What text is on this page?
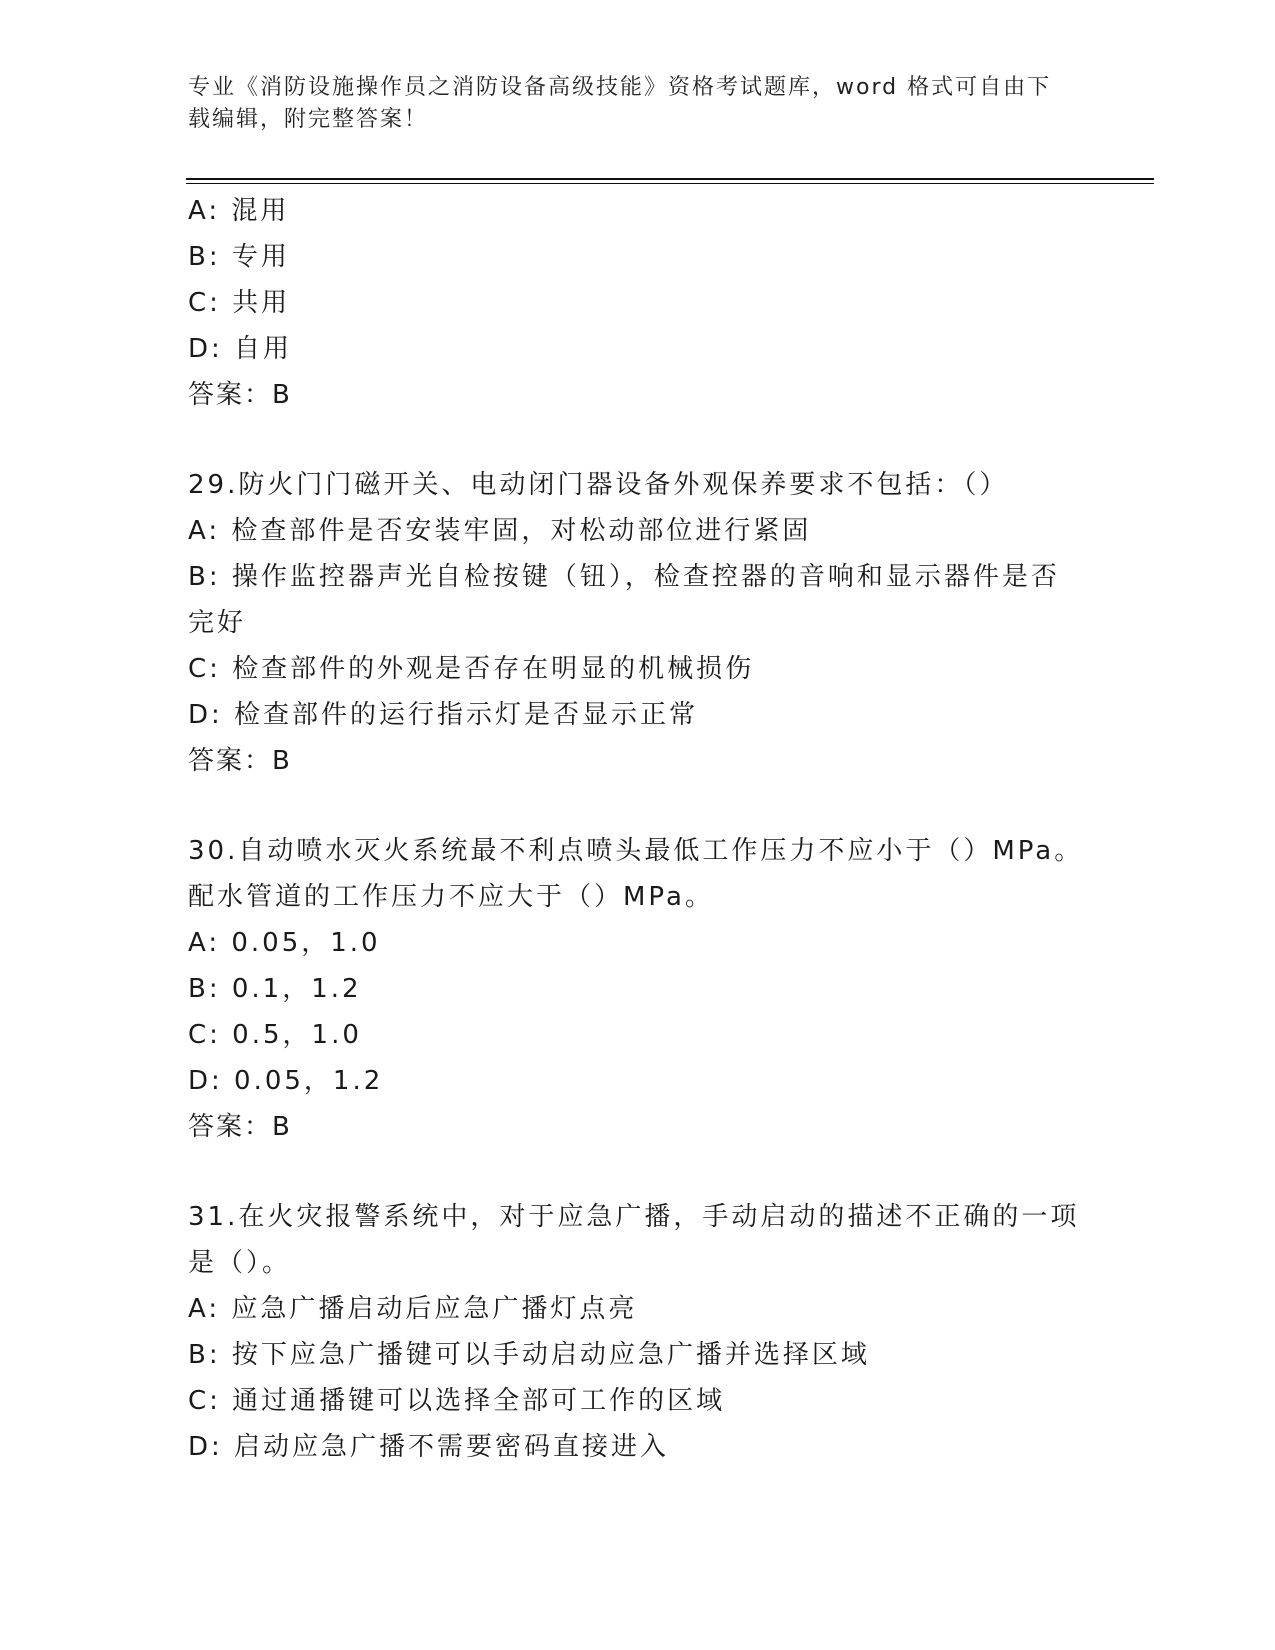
专业《消防设施操作员之消防设备高级技能》资格考试题库，word 格式可自由下
载编辑，附完整答案！
A: 混用
B: 专用
C: 共用
D: 自用
答案：B
29.防火门门磁开关、电动闭门器设备外观保养要求不包括：（）
A: 检查部件是否安装牢固，对松动部位进行紧固
B: 操作监控器声光自检按键（钮），检查控器的音响和显示器件是否
完好
C: 检查部件的外观是否存在明显的机械损伤
D: 检查部件的运行指示灯是否显示正常
答案：B
30.自动喷水灭火系统最不利点喷头最低工作压力不应小于（）MPa。
配水管道的工作压力不应大于（）MPa。
A: 0.05，1.0
B: 0.1，1.2
C: 0.5，1.0
D: 0.05，1.2
答案：B
31.在火灾报警系统中，对于应急广播，手动启动的描述不正确的一项
是（）。
A: 应急广播启动后应急广播灯点亮
B: 按下应急广播键可以手动启动应急广播并选择区域
C: 通过通播键可以选择全部可工作的区域
D: 启动应急广播不需要密码直接进入
